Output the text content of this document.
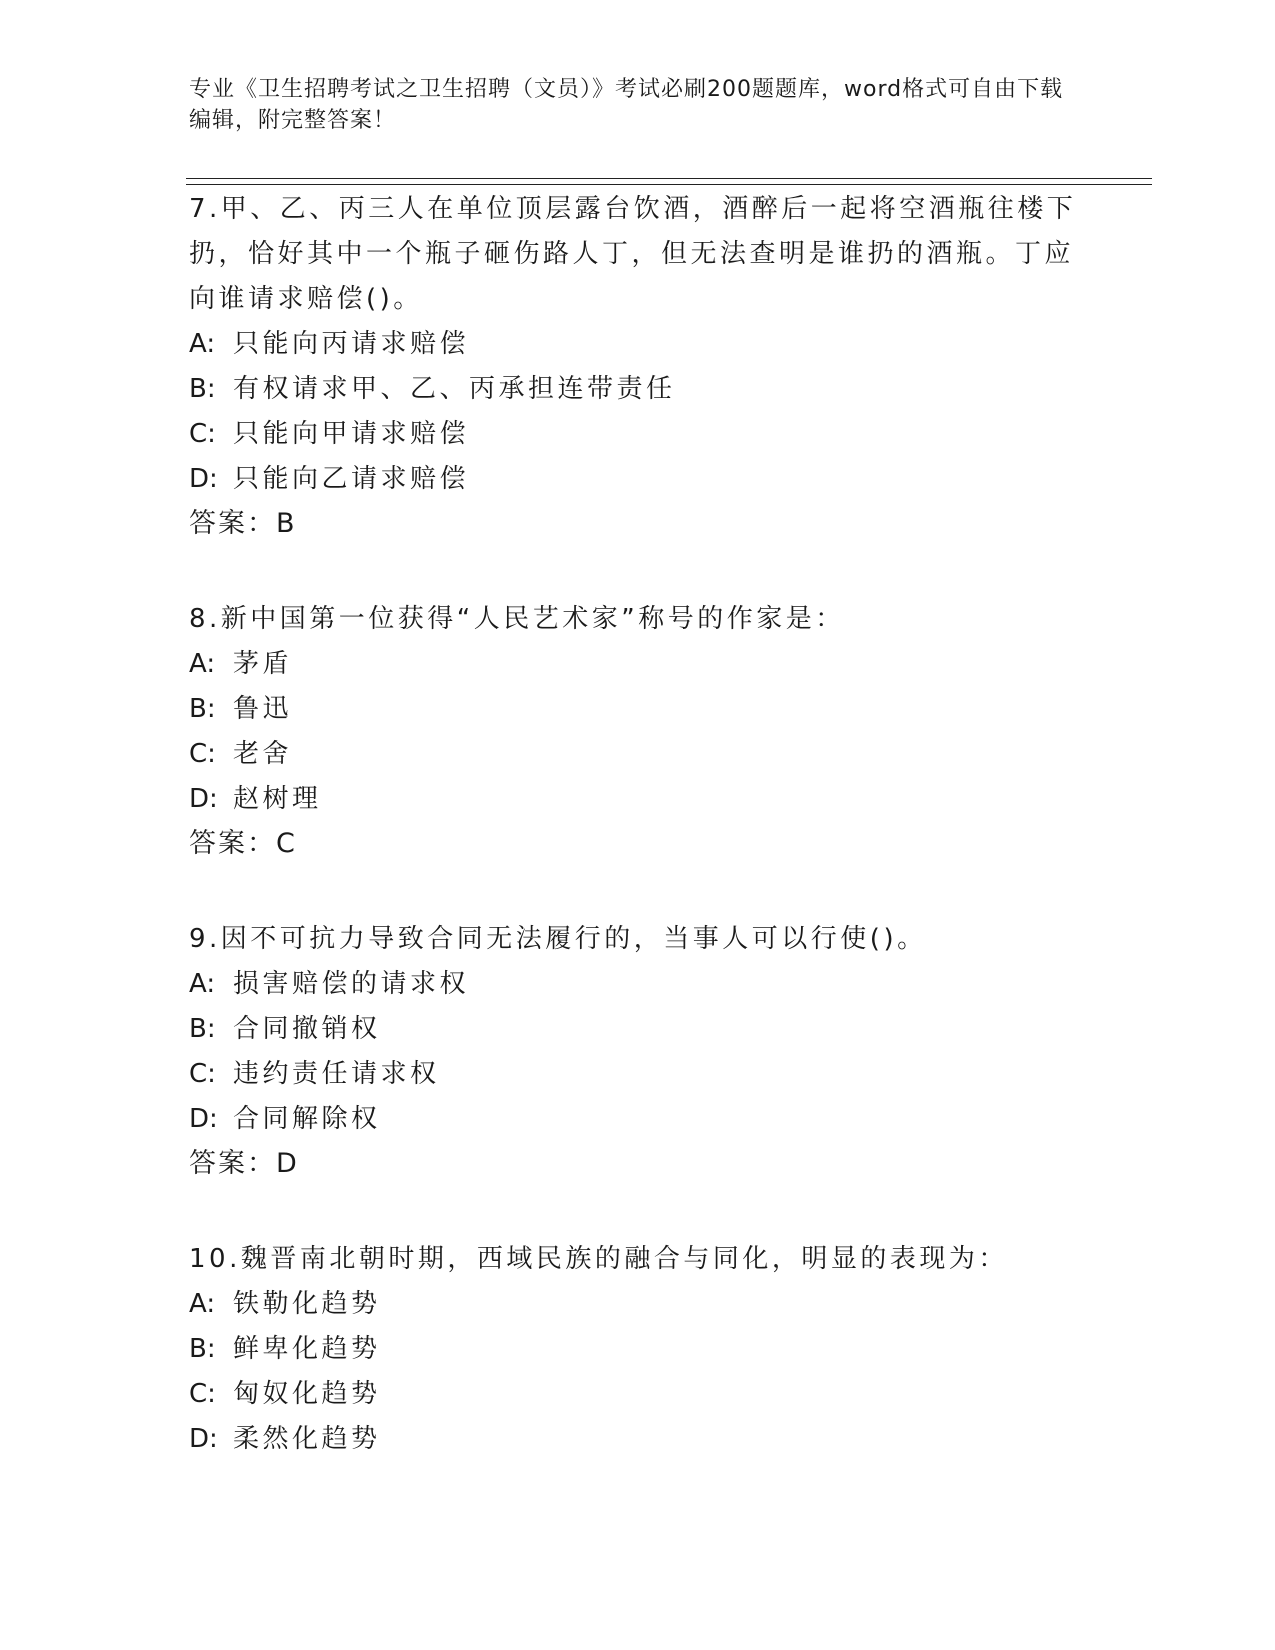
专业《卫生招聘考试之卫生招聘（文员）》考试必刷200题题库，word格式可自由下载编辑，附完整答案！
7.甲、乙、丙三人在单位顶层露台饮酒，酒醉后一起将空酒瓶往楼下
扔，恰好其中一个瓶子砸伤路人丁，但无法查明是谁扔的酒瓶。丁应
向谁请求赔偿()。
A: 只能向丙请求赔偿
B: 有权请求甲、乙、丙承担连带责任
C: 只能向甲请求赔偿
D: 只能向乙请求赔偿
答案：B
8.新中国第一位获得“人民艺术家”称号的作家是：
A: 茅盾
B: 鲁迅
C: 老舍
D: 赵树理
答案：C
9.因不可抗力导致合同无法履行的，当事人可以行使()。
A: 损害赔偿的请求权
B: 合同撤销权
C: 违约责任请求权
D: 合同解除权
答案：D
10.魏晋南北朝时期，西域民族的融合与同化，明显的表现为：
A: 铁勒化趋势
B: 鲜卑化趋势
C: 匈奴化趋势
D: 柔然化趋势
